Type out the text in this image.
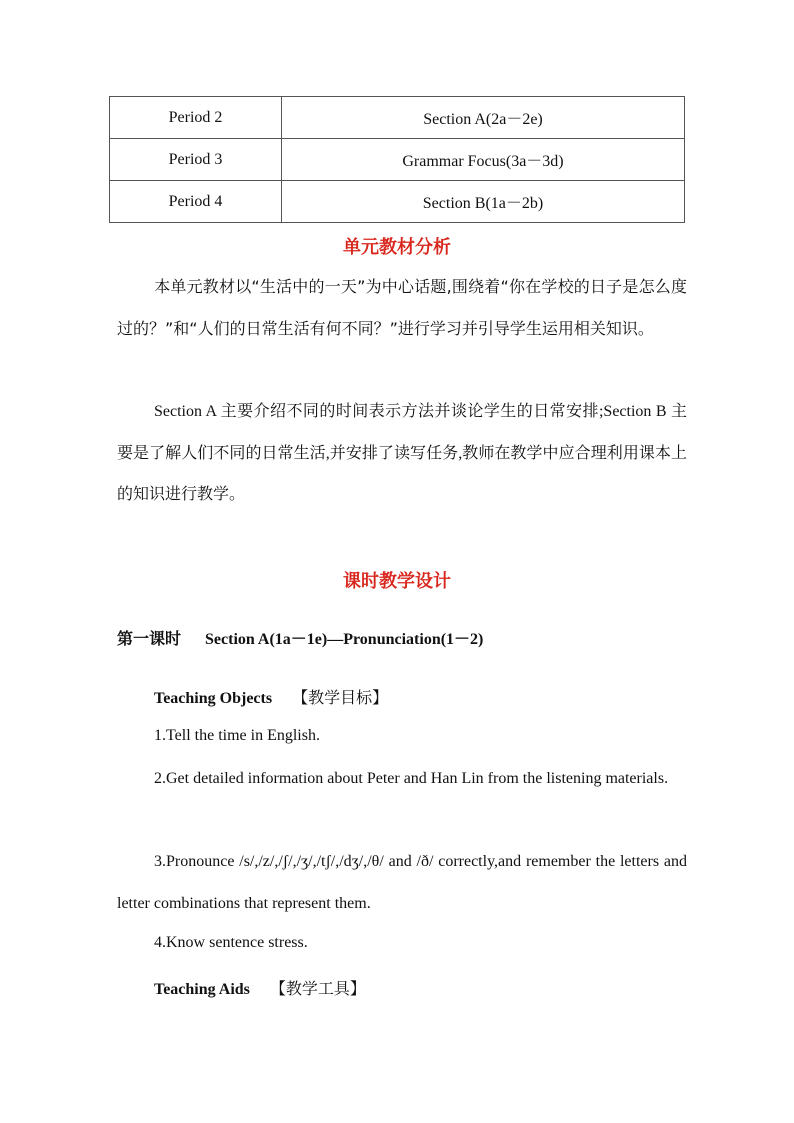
Period 2	Section A(2a－2e)
Period 3	Grammar Focus(3a－3d)
Period 4	Section B(1a－2b)
单元教材分析

本单元教材以“生活中的一天”为中心话题,围绕着“你在学校的日子是怎么度过的？”和“人们的日常生活有何不同？”进行学习并引导学生运用相关知识。

Section A 主要介绍不同的时间表示方法并谈论学生的日常安排;Section B 主要是了解人们不同的日常生活,并安排了读写任务,教师在教学中应合理利用课本上的知识进行教学。

课时教学设计
第一课时 Section A(1a－1e)—Pronunciation(1－2)
Teaching Objects 【教学目标】

1.Tell the time in English.

2.Get detailed information about Peter and Han Lin from the listening materials.

3.Pronounce /s/,/z/,/ʃ/,/ʒ/,/tʃ/,/dʒ/,/θ/ and /ð/ correctly,and remember the letters and letter combinations that represent them.

4.Know sentence stress.

Teaching Aids 【教学工具】
